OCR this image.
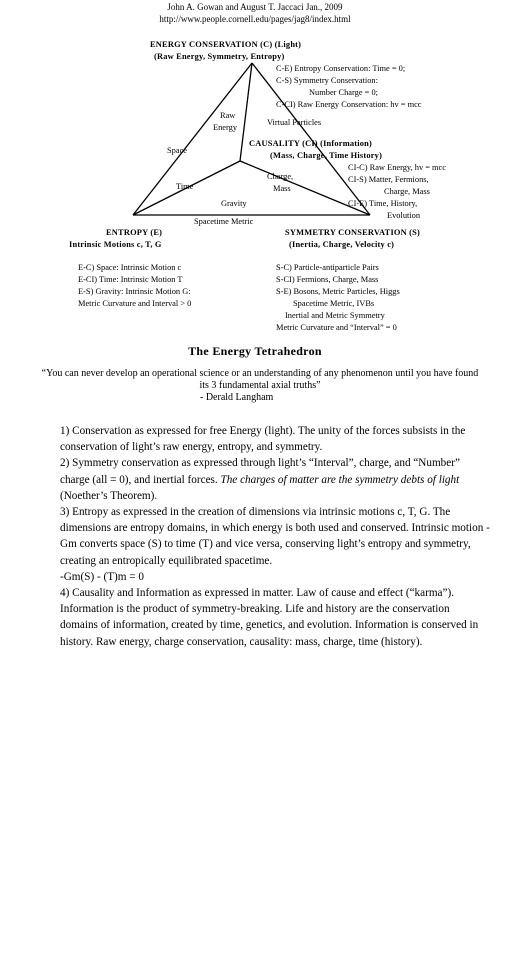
John A. Gowan and August T. Jaccaci Jan., 2009
http://www.people.cornell.edu/pages/jag8/index.html
ENERGY CONSERVATION (C) (Light)
(Raw Energy, Symmetry, Entropy)
C-E) Entropy Conservation: Time = 0;
C-S) Symmetry Conservation:
Number Charge = 0;
C-CI) Raw Energy Conservation: hv = mcc
Raw
Energy
Virtual Particles
Space
Time
Charge,
Mass
Gravity
Spacetime Metric
CAUSALITY (CI) (Information)
(Mass, Charge, Time History)
CI-C) Raw Energy, hv = mcc
CI-S) Matter, Fermions,
Charge, Mass
CI-E) Time, History,
Evolution
ENTROPY (E)
Intrinsic Motions c, T, G
E-C) Space: Intrinsic Motion c
E-CI) Time: Intrinsic Motion T
E-S) Gravity: Intrinsic Motion G:
Metric Curvature and Interval > 0
SYMMETRY CONSERVATION (S)
(Inertia, Charge, Velocity c)
S-C) Particle-antiparticle Pairs
S-CI) Fermions, Charge, Mass
S-E) Bosons, Metric Particles, Higgs
Spacetime Metric, IVBs
Inertial and Metric Symmetry
Metric Curvature and “Interval” = 0
The Energy Tetrahedron
“You can never develop an operational science or an understanding of any phenomenon until you have found its 3 fundamental axial truths”
- Derald Langham

1) Conservation as expressed for free Energy (light). The unity of the forces subsists in the conservation of light’s raw energy, entropy, and symmetry.

2) Symmetry conservation as expressed through light’s “Interval”, charge, and “Number” charge (all = 0), and inertial forces. The charges of matter are the symmetry debts of light (Noether’s Theorem).

3) Entropy as expressed in the creation of dimensions via intrinsic motions c, T, G. The dimensions are entropy domains, in which energy is both used and conserved. Intrinsic motion -Gm converts space (S) to time (T) and vice versa, conserving light’s entropy and symmetry, creating an entropically equilibrated spacetime.

-Gm(S) - (T)m = 0

4) Causality and Information as expressed in matter. Law of cause and effect (“karma”). Information is the product of symmetry-breaking. Life and history are the conservation domains of information, created by time, genetics, and evolution. Information is conserved in history. Raw energy, charge conservation, causality: mass, charge, time (history).
